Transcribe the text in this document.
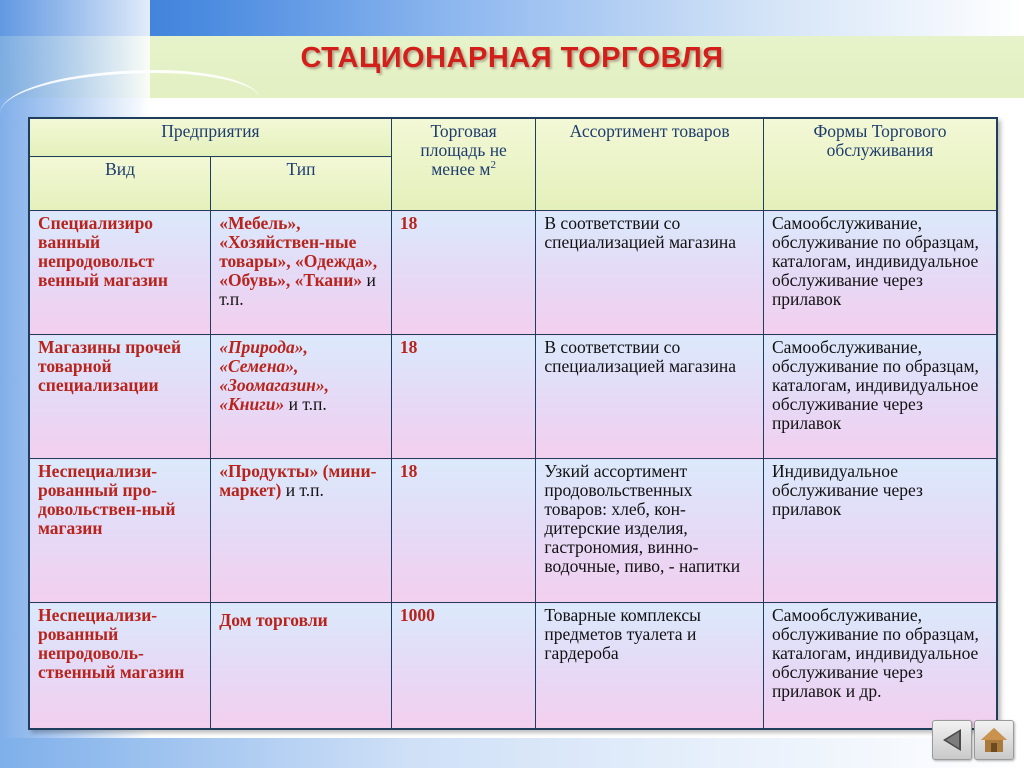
СТАЦИОНАРНАЯ ТОРГОВЛЯ
Предприятия		Торговая площадь не менее $м^2$	Ассортимент товаров	Формы Торгового обслуживания
Вид	Тип			
Специализиро ванный непродовольст венный магазин	«Мебель», «Хозяйствен-ные товары», «Одежда», «Обувь», «Ткани» и т.п.	18	В соответствии со специализацией магазина	Самообслуживание, обслуживание по образцам, каталогам, индивидуальное обслуживание через прилавок
Магазины прочей товарной специализации	«Природа», «Семена», «Зоомагазин», «Книги» и т.п.	18	В соответствии со специализацией магазина	Самообслуживание, обслуживание по образцам, каталогам, индивидуальное обслуживание через прилавок
Неспециализи-рованный про-довольствен-ный магазин	«Продукты» (мини-маркет) и т.п.	18	Узкий ассортимент продовольственных товаров: хлеб, кон-дитерские изделия, гастрономия, винно-водочные, пиво, - напитки	Индивидуальное обслуживание через прилавок
Неспециализи-рованный непродоволь-ственный магазин	Дом торговли	1000	Товарные комплексы предметов туалета и гардероба	Самообслуживание, обслуживание по образцам, каталогам, индивидуальное обслуживание через прилавок и др.
